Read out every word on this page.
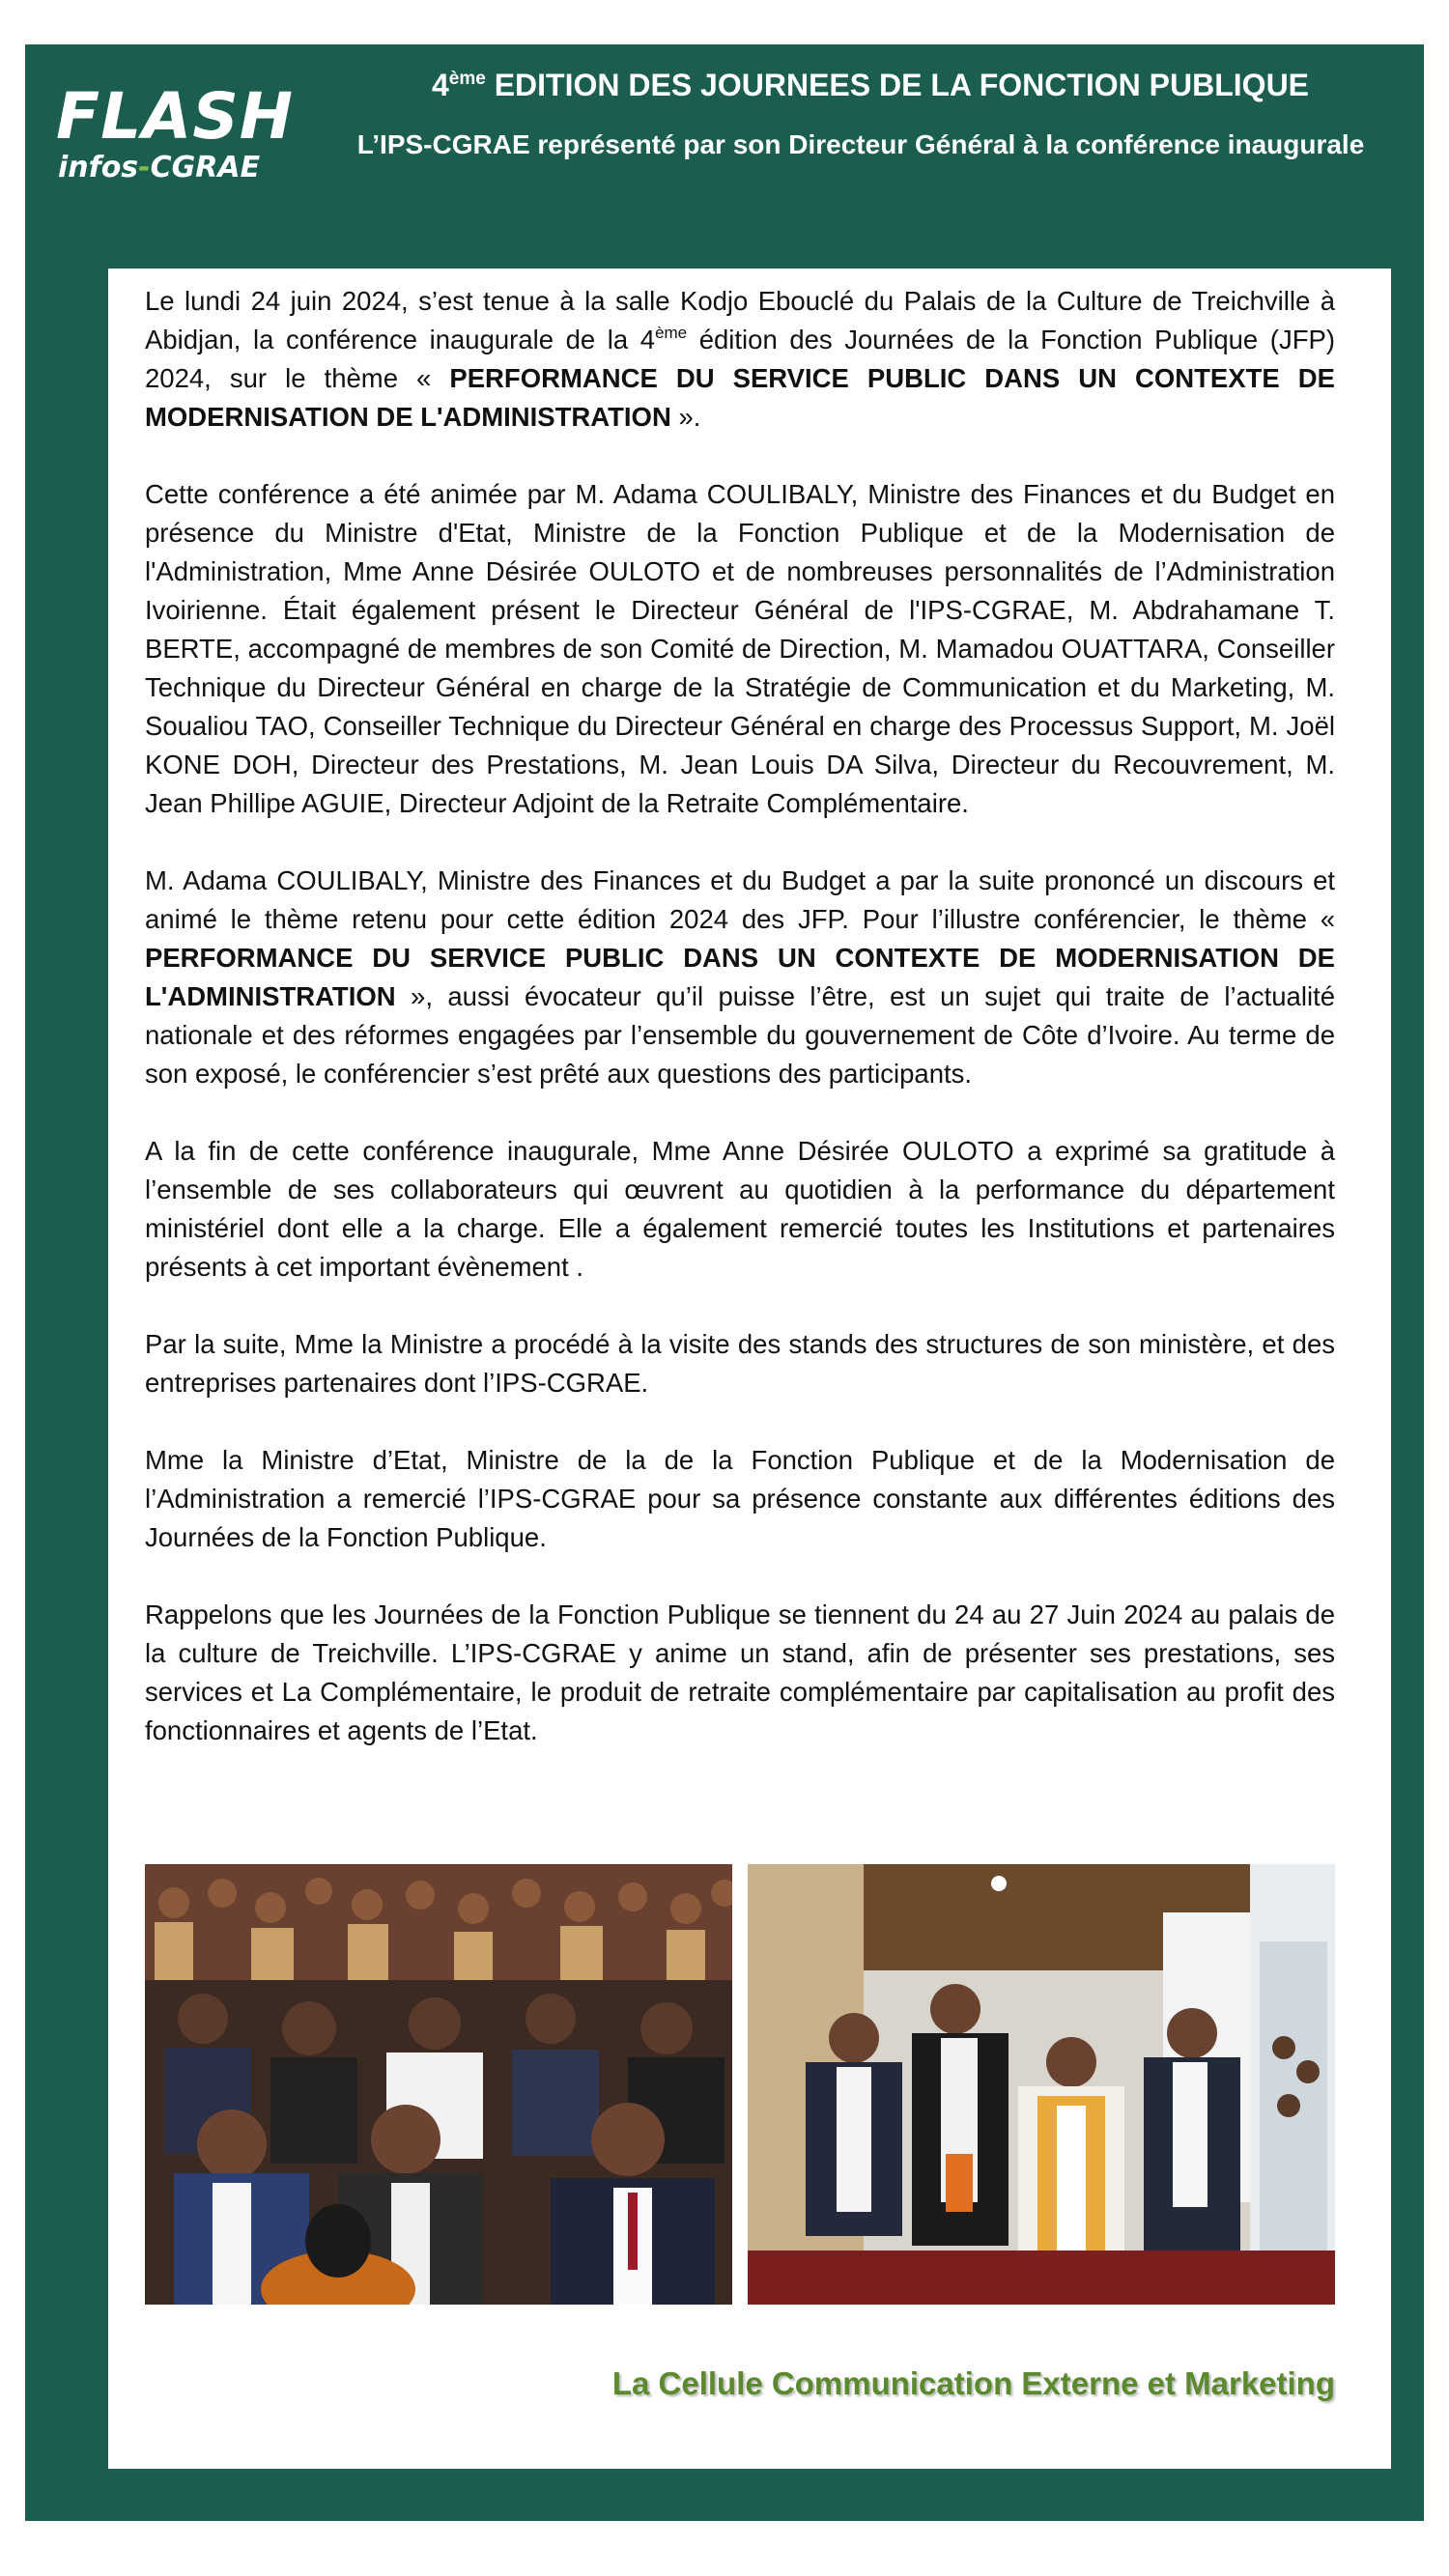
FLASH
infos-CGRAE
4ème EDITION DES JOURNEES DE LA FONCTION PUBLIQUE
L’IPS-CGRAE représenté par son Directeur Général à la conférence inaugurale

Le lundi 24 juin 2024, s’est tenue à la salle Kodjo Ebouclé du Palais de la Culture de Treichville à Abidjan, la conférence inaugurale de la 4ème édition des Journées de la Fonction Publique (JFP) 2024, sur le thème « PERFORMANCE DU SERVICE PUBLIC DANS UN CONTEXTE DE MODERNISATION DE L'ADMINISTRATION ».

Cette conférence a été animée par M. Adama COULIBALY, Ministre des Finances et du Budget en présence du Ministre d'Etat, Ministre de la Fonction Publique et de la Modernisation de l'Administration, Mme Anne Désirée OULOTO et de nombreuses personnalités de l’Administration Ivoirienne. Était également présent le Directeur Général de l'IPS-CGRAE, M. Abdrahamane T. BERTE, accompagné de membres de son Comité de Direction, M. Mamadou OUATTARA, Conseiller Technique du Directeur Général en charge de la Stratégie de Communication et du Marketing, M. Soualiou TAO, Conseiller Technique du Directeur Général en charge des Processus Support, M. Joël KONE DOH, Directeur des Prestations, M. Jean Louis DA Silva, Directeur du Recouvrement, M. Jean Phillipe AGUIE, Directeur Adjoint de la Retraite Complémentaire.

M. Adama COULIBALY, Ministre des Finances et du Budget a par la suite prononcé un discours et animé le thème retenu pour cette édition 2024 des JFP. Pour l’illustre conférencier, le thème « PERFORMANCE DU SERVICE PUBLIC DANS UN CONTEXTE DE MODERNISATION DE L'ADMINISTRATION », aussi évocateur qu’il puisse l’être, est un sujet qui traite de l’actualité nationale et des réformes engagées par l’ensemble du gouvernement de Côte d’Ivoire. Au terme de son exposé, le conférencier s’est prêté aux questions des participants.

A la fin de cette conférence inaugurale, Mme Anne Désirée OULOTO a exprimé sa gratitude à l’ensemble de ses collaborateurs qui œuvrent au quotidien à la performance du département ministériel dont elle a la charge. Elle a également remercié toutes les Institutions et partenaires présents à cet important évènement .

Par la suite, Mme la Ministre a procédé à la visite des stands des structures de son ministère, et des entreprises partenaires dont l’IPS-CGRAE.

Mme la Ministre d’Etat, Ministre de la de la Fonction Publique et de la Modernisation de l’Administration a remercié l’IPS-CGRAE pour sa présence constante aux différentes éditions des Journées de la Fonction Publique.

Rappelons que les Journées de la Fonction Publique se tiennent du 24 au 27 Juin 2024 au palais de la culture de Treichville. L’IPS-CGRAE y anime un stand, afin de présenter ses prestations, ses services et La Complémentaire, le produit de retraite complémentaire par capitalisation au profit des fonctionnaires et agents de l’Etat.

La Cellule Communication Externe et Marketing
